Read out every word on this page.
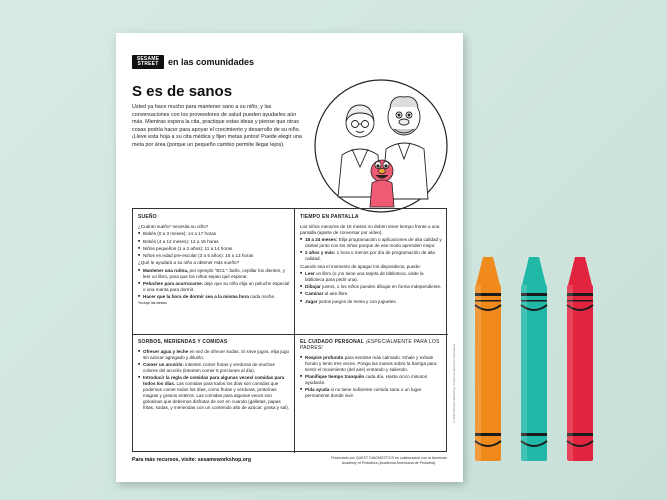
SESAME STREET	en las comunidades
S es de sanos
Usted ya hace mucho para mantener sano a su niño, y las conversaciones con los proveedores de salud pueden ayudarles aún más. Mientras espera la cita, practique estas ideas y piense que otras cosas podría hacer para apoyar el crecimiento y desarrollo de su niño. ¡Lleve esta hoja a su cita médica y fijen metas juntos! Puede elegir una meta por área (porque un pequeño cambio permite llegar lejos).
SUEÑO

¿Cuánto sueño* necesita su niño?

■ Bebés (0 a 3 meses): 14 a 17 horas
■ Bebés (4 a 12 meses): 12 a 16 horas
■ Niños pequeños (1 a 2 años): 11 a 14 horas
■ Niños en edad pre-escolar (3 a 5 años): 10 a 13 horas

¿Qué le ayudará a su niño a obtener más sueño?

■ Mantener una rutina, por ejemplo "BCL": baño, cepillar los dientes, y leer un libro, para que los niños sepan qué esperar.
■ Peluches para acurrucarse. deje que su niño elija un peluche especial o una manta para dormir.
■ Hacer que la hora de dormir sea a la misma hora cada noche.

*Incluye las siestas

TIEMPO EN PANTALLA

Los niños menores de 18 meses no deben tener tiempo frente a una pantalla (aparte de conversar por video).

■ 18 a 24 meses: Elija programación o aplicaciones de alta calidad y úselas junto con los niños porque de ese modo aprenden mejor.
■ 2 años y más: 1 hora o menos por día de programación de alta calidad.

Cuando sea el momento de apagar los dispositivos, puede:

■ Leer un libro (o ¡no tiene una tarjeta de biblioteca, visite la biblioteca para pedir una).
■ Dibujar juntos, o los niños pueden dibujar en forma independiente.
■ Caminar al aire libre.
■ Jugar juntos juegos de mesa y con juguetes.
SORBOS, MERIENDAS Y COMIDAS
■ Ofrecer agua y leche en vez de ofrecer sodas. Si sirve jugos, elija jugo sin azúcar agregado y diluirlo.
■ Comer un arcoíris: intenten comer frutas y verduras de muchos colores del arcoíris (intenten comer 5 porciones al día).
■ Introducir la regla de comidas para algunas veces/ comidas para todos los días. Las comidas para todos los días son comidas que podemos comer todos los días, como frutas y verduras, proteínas magras y granos enteros. Las comidas para algunas veces son golosinas que debemos disfrutar de vez en cuando (galletas, papas fritas, sodas, y meriendas con un contenido alto de azúcar, grasa y sal).
EL CUIDADO PERSONAL ¡ESPECIALMENTE PARA LOS PADRES!
■ Respire profundo para sentirse más calmado. Inhale y exhale hondo y lento tres veces. Ponga las manos sobre la barriga para sentir el movimiento (del aire) entrando y saliendo.
■ Planifique tiempo tranquilo cada día. Hasta cinco minutos ayudarán.
■ Pida ayuda si no tiene suficiente comida sana o un lugar permanente donde vivir.
Para más recursos, visite: sesameworkshop.org	Financiado por QUEST DIAGNOSTICS en colaboración con la American Academy of Pediatrics (Academia Americana de Pediatría).
©2019 Sesame Workshop. Todos los derechos reservados.
